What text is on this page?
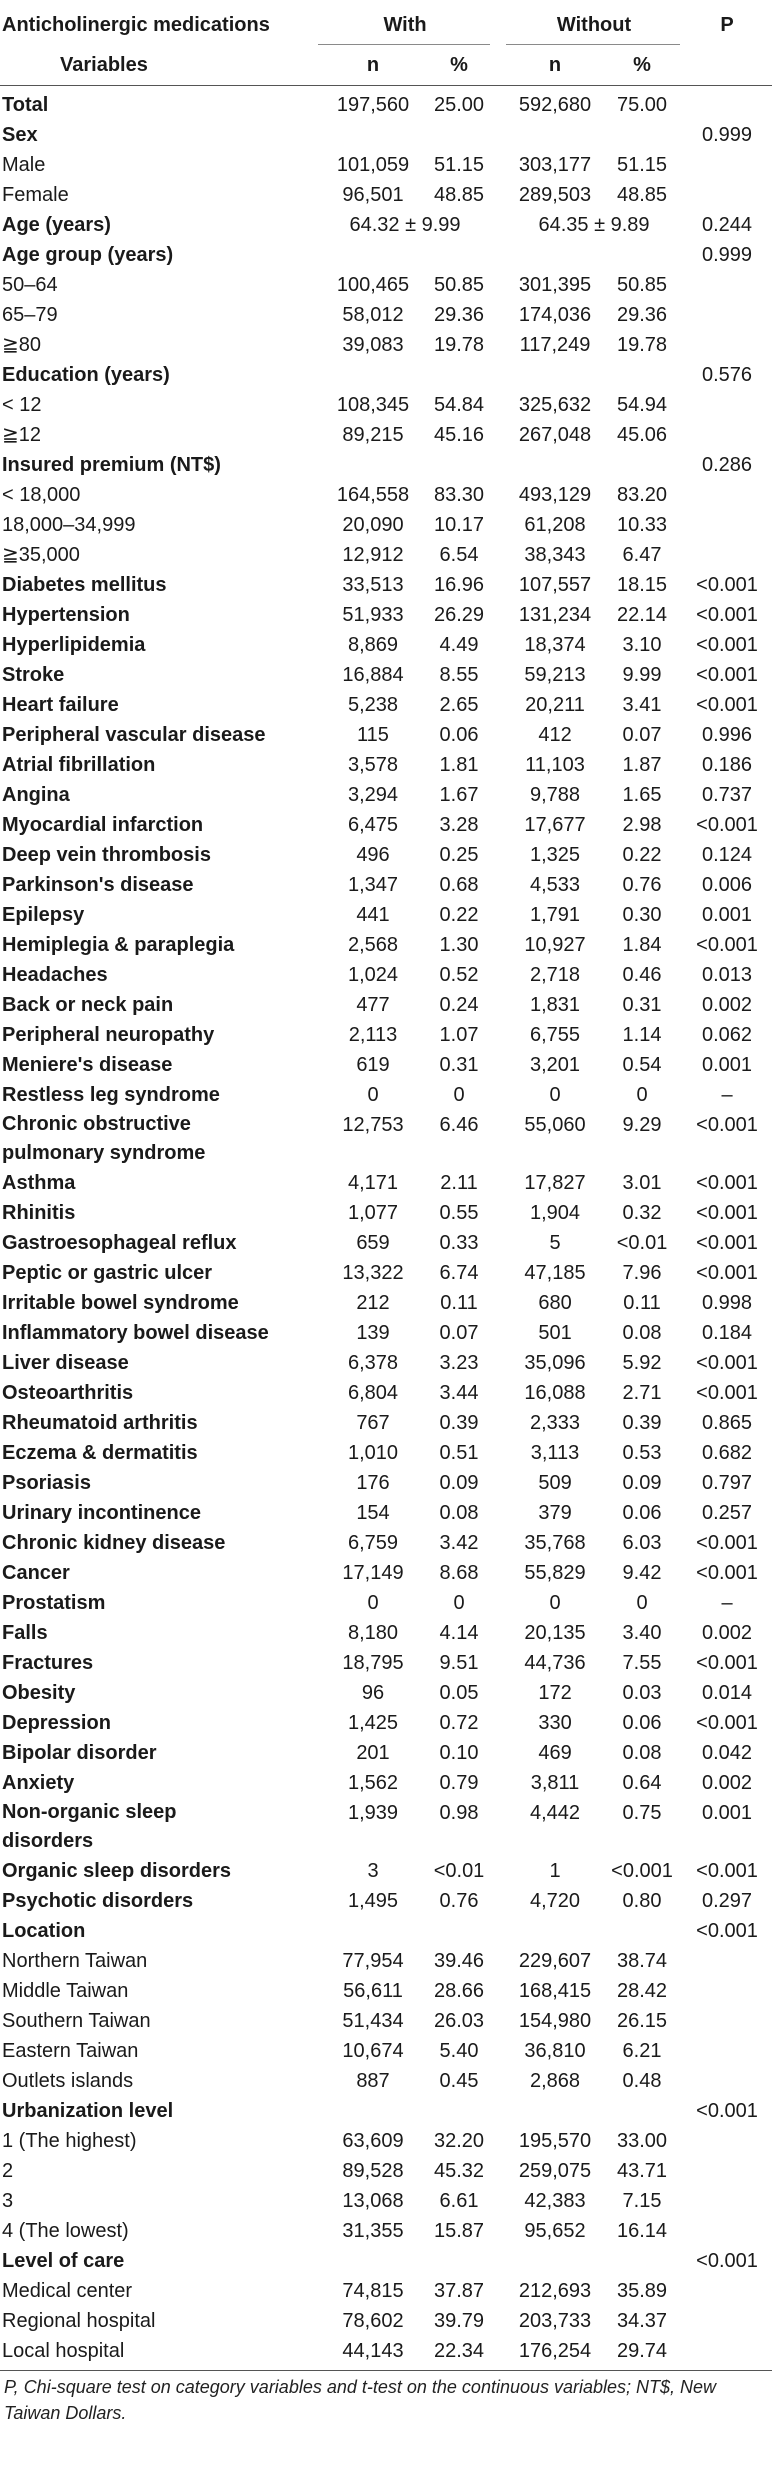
Anticholinergic medications	With			Without		P
Variables	n	%		n	%	
Total	197,560	25.00		592,680	75.00	
Sex						0.999
Male	101,059	51.15		303,177	51.15	
Female	96,501	48.85		289,503	48.85	
Age (years)	64.32 ± 9.99			64.35 ± 9.89		0.244
Age group (years)						0.999
50–64	100,465	50.85		301,395	50.85	
65–79	58,012	29.36		174,036	29.36	
≧80	39,083	19.78		117,249	19.78	
Education (years)						0.576
< 12	108,345	54.84		325,632	54.94	
≧12	89,215	45.16		267,048	45.06	
Insured premium (NT$)						0.286
< 18,000	164,558	83.30		493,129	83.20	
18,000–34,999	20,090	10.17		61,208	10.33	
≧35,000	12,912	6.54		38,343	6.47	
Diabetes mellitus	33,513	16.96		107,557	18.15	<0.001
Hypertension	51,933	26.29		131,234	22.14	<0.001
Hyperlipidemia	8,869	4.49		18,374	3.10	<0.001
Stroke	16,884	8.55		59,213	9.99	<0.001
Heart failure	5,238	2.65		20,211	3.41	<0.001
Peripheral vascular disease	115	0.06		412	0.07	0.996
Atrial fibrillation	3,578	1.81		11,103	1.87	0.186
Angina	3,294	1.67		9,788	1.65	0.737
Myocardial infarction	6,475	3.28		17,677	2.98	<0.001
Deep vein thrombosis	496	0.25		1,325	0.22	0.124
Parkinson's disease	1,347	0.68		4,533	0.76	0.006
Epilepsy	441	0.22		1,791	0.30	0.001
Hemiplegia & paraplegia	2,568	1.30		10,927	1.84	<0.001
Headaches	1,024	0.52		2,718	0.46	0.013
Back or neck pain	477	0.24		1,831	0.31	0.002
Peripheral neuropathy	2,113	1.07		6,755	1.14	0.062
Meniere's disease	619	0.31		3,201	0.54	0.001
Restless leg syndrome	0	0		0	0	–

Chronic obstructive
pulmonary syndrome	12,753	6.46		55,060	9.29	<0.001
Asthma	4,171	2.11		17,827	3.01	<0.001
Rhinitis	1,077	0.55		1,904	0.32	<0.001
Gastroesophageal reflux	659	0.33		5	<0.01	<0.001
Peptic or gastric ulcer	13,322	6.74		47,185	7.96	<0.001
Irritable bowel syndrome	212	0.11		680	0.11	0.998
Inflammatory bowel disease	139	0.07		501	0.08	0.184
Liver disease	6,378	3.23		35,096	5.92	<0.001
Osteoarthritis	6,804	3.44		16,088	2.71	<0.001
Rheumatoid arthritis	767	0.39		2,333	0.39	0.865
Eczema & dermatitis	1,010	0.51		3,113	0.53	0.682
Psoriasis	176	0.09		509	0.09	0.797
Urinary incontinence	154	0.08		379	0.06	0.257
Chronic kidney disease	6,759	3.42		35,768	6.03	<0.001
Cancer	17,149	8.68		55,829	9.42	<0.001
Prostatism	0	0		0	0	–
Falls	8,180	4.14		20,135	3.40	0.002
Fractures	18,795	9.51		44,736	7.55	<0.001
Obesity	96	0.05		172	0.03	0.014
Depression	1,425	0.72		330	0.06	<0.001
Bipolar disorder	201	0.10		469	0.08	0.042
Anxiety	1,562	0.79		3,811	0.64	0.002

Non-organic sleep
disorders	1,939	0.98		4,442	0.75	0.001
Organic sleep disorders	3	<0.01		1	<0.001	<0.001
Psychotic disorders	1,495	0.76		4,720	0.80	0.297
Location						<0.001
Northern Taiwan	77,954	39.46		229,607	38.74	
Middle Taiwan	56,611	28.66		168,415	28.42	
Southern Taiwan	51,434	26.03		154,980	26.15	
Eastern Taiwan	10,674	5.40		36,810	6.21	
Outlets islands	887	0.45		2,868	0.48	
Urbanization level						<0.001
1 (The highest)	63,609	32.20		195,570	33.00	
2	89,528	45.32		259,075	43.71	
3	13,068	6.61		42,383	7.15	
4 (The lowest)	31,355	15.87		95,652	16.14	
Level of care						<0.001
Medical center	74,815	37.87		212,693	35.89	
Regional hospital	78,602	39.79		203,733	34.37	
Local hospital	44,143	22.34		176,254	29.74	
P, Chi-square test on category variables and t-test on the continuous variables; NT$, New Taiwan Dollars.
